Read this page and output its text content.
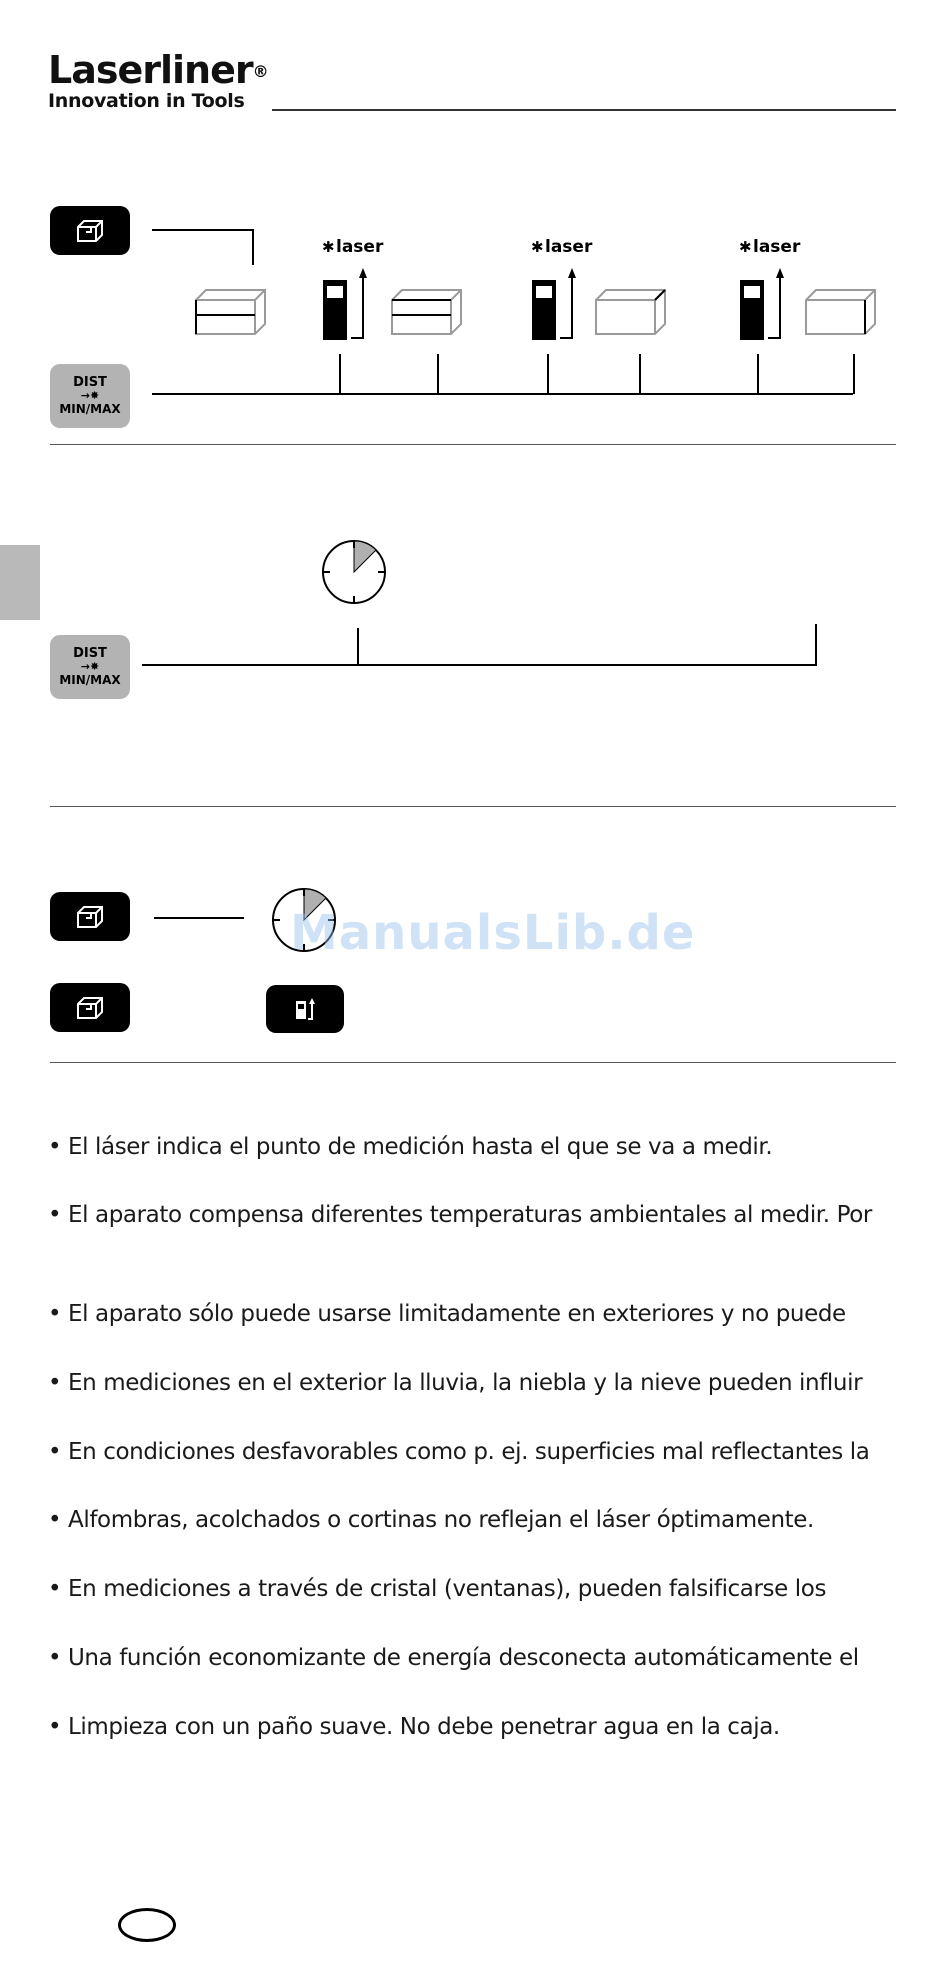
Laserliner®
Innovation in Tools
DIST
→✸
MIN/MAX
✱ laser	✱ laser	✱ laser
DIST
→✸
MIN/MAX
ManualsLib.de
• El láser indica el punto de medición hasta el que se va a medir.
• El aparato compensa diferentes temperaturas ambientales al medir. Por
• El aparato sólo puede usarse limitadamente en exteriores y no puede
• En mediciones en el exterior la lluvia, la niebla y la nieve pueden influir
• En condiciones desfavorables como p. ej. superficies mal reflectantes la
• Alfombras, acolchados o cortinas no reflejan el láser óptimamente.
• En mediciones a través de cristal (ventanas), pueden falsificarse los
• Una función economizante de energía desconecta automáticamente el
• Limpieza con un paño suave. No debe penetrar agua en la caja.
